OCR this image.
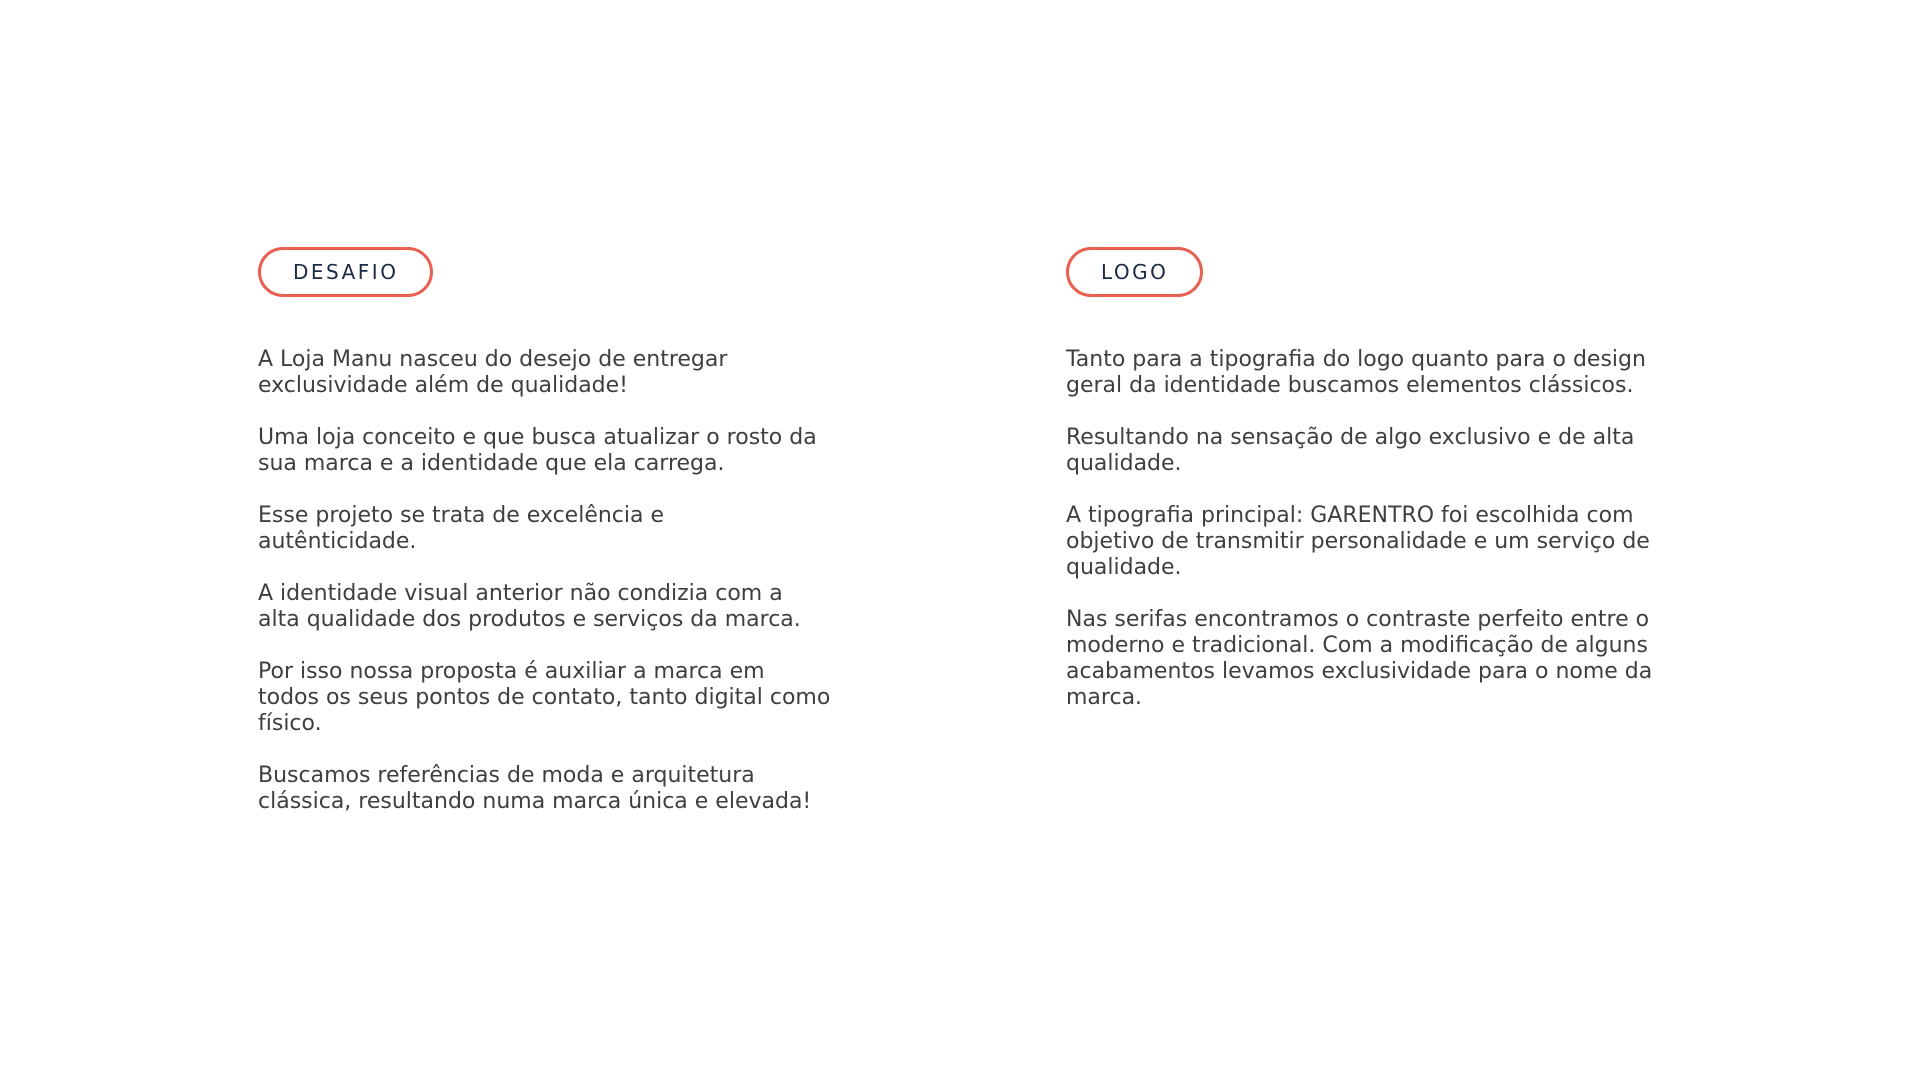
DESAFIO

A Loja Manu nasceu do desejo de entregar
exclusividade além de qualidade!

Uma loja conceito e que busca atualizar o rosto da
sua marca e a identidade que ela carrega.

Esse projeto se trata de excelência e
autênticidade.

A identidade visual anterior não condizia com a
alta qualidade dos produtos e serviços da marca.

Por isso nossa proposta é auxiliar a marca em
todos os seus pontos de contato, tanto digital como
físico.

Buscamos referências de moda e arquitetura
clássica, resultando numa marca única e elevada!

LOGO

Tanto para a tipografia do logo quanto para o design
geral da identidade buscamos elementos clássicos.

Resultando na sensação de algo exclusivo e de alta
qualidade.

A tipografia principal: GARENTRO foi escolhida com
objetivo de transmitir personalidade e um serviço de
qualidade.

Nas serifas encontramos o contraste perfeito entre o
moderno e tradicional. Com a modificação de alguns
acabamentos levamos exclusividade para o nome da
marca.
